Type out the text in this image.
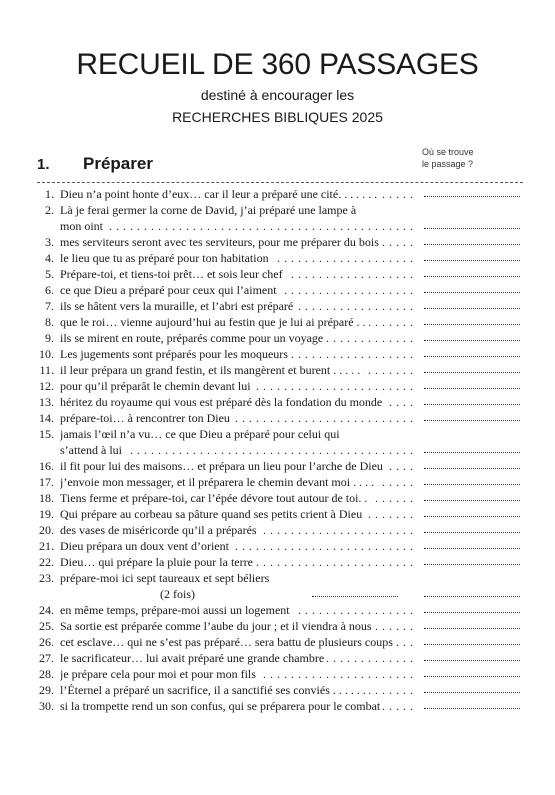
RECUEIL DE 360 PASSAGES
destiné à encourager les
RECHERCHES BIBLIQUES 2025
1. Préparer
Où se trouve
le passage ?
1. Dieu n’a point honte d’eux… car il leur a préparé une cité. . . . . . . . . .
2. Là je ferai germer la corne de David, j’ai préparé une lampe à
mon oint . . .
3. mes serviteurs seront avec tes serviteurs, pour me préparer du bois . . .
4. le lieu que tu as préparé pour ton habitation . . .
5. Prépare-toi, et tiens-toi prêt… et sois leur chef . . .
6. ce que Dieu a préparé pour ceux qui l’aiment . . .
7. ils se hâtent vers la muraille, et l’abri est préparé . . .
8. que le roi… vienne aujourd’hui au festin que je lui ai préparé . . . . .
9. ils se mirent en route, préparés comme pour un voyage . . .
10. Les jugements sont préparés pour les moqueurs . . .
11. il leur prépara un grand festin, et ils mangèrent et burent . . . . . . . .
12. pour qu’il préparât le chemin devant lui . . .
13. héritez du royaume qui vous est préparé dès la fondation du monde . . .
14. prépare-toi… à rencontrer ton Dieu . . .
15. jamais l’œil n’a vu… ce que Dieu a préparé pour celui qui
s’attend à lui . . .
16. il fit pour lui des maisons… et prépara un lieu pour l’arche de Dieu . . .
17. j’envoie mon messager, et il préparera le chemin devant moi . . . . . . .
18. Tiens ferme et prépare-toi, car l’épée dévore tout autour de toi. . . . .
19. Qui prépare au corbeau sa pâture quand ses petits crient à Dieu . . .
20. des vases de miséricorde qu’il a préparés . . .
21. Dieu prépara un doux vent d’orient . . .
22. Dieu… qui prépare la pluie pour la terre . . .
23. prépare-moi ici sept taureaux et sept béliers
(2 fois)
24. en même temps, prépare-moi aussi un logement . . .
25. Sa sortie est préparée comme l’aube du jour ; et il viendra à nous . . .
26. cet esclave… qui ne s’est pas préparé… sera battu de plusieurs coups . . .
27. le sacrificateur… lui avait préparé une grande chambre . . .
28. je prépare cela pour moi et pour mon fils . . .
29. l’Éternel a préparé un sacrifice, il a sanctifié ses conviés . . . . . . . . .
30. si la trompette rend un son confus, qui se préparera pour le combat . . .
